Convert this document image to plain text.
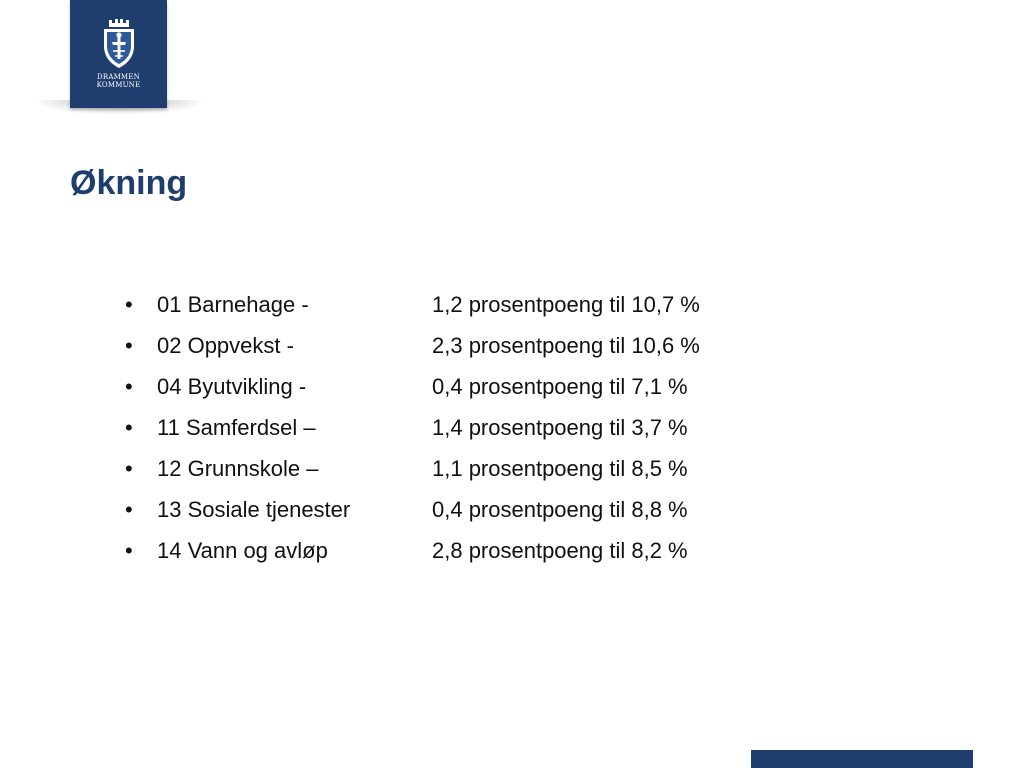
DRAMMEN
KOMMUNE
Økning
• 01 Barnehage -	1,2 prosentpoeng til 10,7 %
• 02 Oppvekst -	2,3 prosentpoeng til 10,6 %
• 04 Byutvikling -	0,4 prosentpoeng til 7,1 %
• 11 Samferdsel –	1,4 prosentpoeng til 3,7 %
• 12 Grunnskole –	1,1 prosentpoeng til 8,5 %
• 13 Sosiale tjenester	0,4 prosentpoeng til 8,8 %
• 14 Vann og avløp	2,8 prosentpoeng til 8,2 %
